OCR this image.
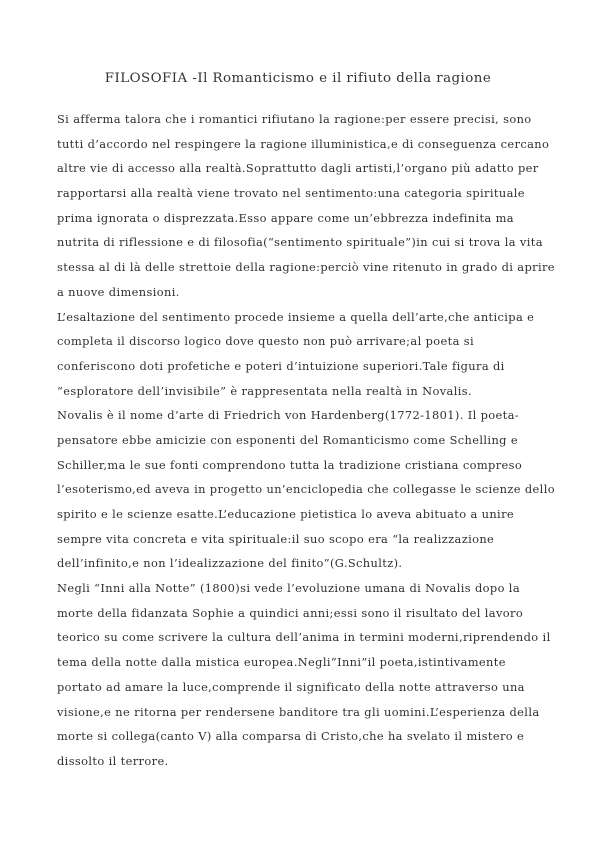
FILOSOFIA -Il Romanticismo e il rifiuto della ragione
Si afferma talora che i romantici rifiutano la ragione:per essere precisi, sono
tutti d’accordo nel respingere la ragione illuministica,e di conseguenza cercano
altre vie di accesso alla realtà.Soprattutto dagli artisti,l’organo più adatto per
rapportarsi alla realtà viene trovato nel sentimento:una categoria spirituale
prima ignorata o disprezzata.Esso appare come un’ebbrezza indefinita ma
nutrita di riflessione e di filosofia(“sentimento spirituale”)in cui si trova la vita
stessa al di là delle strettoie della ragione:perciò vine ritenuto in grado di aprire
a nuove dimensioni.
L’esaltazione del sentimento procede insieme a quella dell’arte,che anticipa e
completa il discorso logico dove questo non può arrivare;al poeta si
conferiscono doti profetiche e poteri d’intuizione superiori.Tale figura di
“esploratore dell’invisibile” è rappresentata nella realtà in Novalis.
Novalis è il nome d’arte di Friedrich von Hardenberg(1772-1801). Il poeta-
pensatore ebbe amicizie con esponenti del Romanticismo come Schelling e
Schiller,ma le sue fonti comprendono tutta la tradizione cristiana compreso
l’esoterismo,ed aveva in progetto un’enciclopedia che collegasse le scienze dello
spirito e le scienze esatte.L’educazione pietistica lo aveva abituato a unire
sempre vita concreta e vita spirituale:il suo scopo era “la realizzazione
dell’infinito,e non l’idealizzazione del finito”(G.Schultz).
Negli “Inni alla Notte” (1800)si vede l’evoluzione umana di Novalis dopo la
morte della fidanzata Sophie a quindici anni;essi sono il risultato del lavoro
teorico su come scrivere la cultura dell’anima in termini moderni,riprendendo il
tema della notte dalla mistica europea.Negli”Inni”il poeta,istintivamente
portato ad amare la luce,comprende il significato della notte attraverso una
visione,e ne ritorna per rendersene banditore tra gli uomini.L’esperienza della
morte si collega(canto V) alla comparsa di Cristo,che ha svelato il mistero e
dissolto il terrore.
